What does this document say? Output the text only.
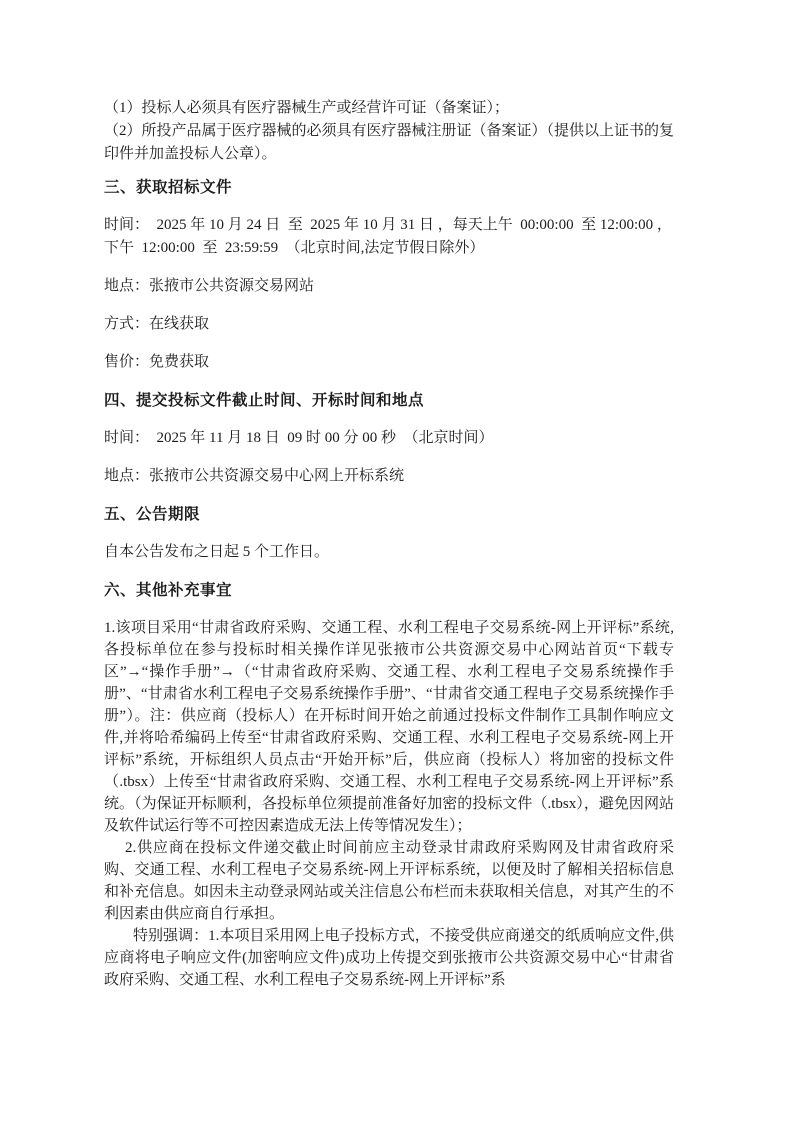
（1）投标人必须具有医疗器械生产或经营许可证（备案证）；

（2）所投产品属于医疗器械的必须具有医疗器械注册证（备案证）（提供以上证书的复印件并加盖投标人公章）。

三、获取招标文件

时间：  2025 年 10 月 24 日  至  2025 年 10 月 31 日 ，每天上午  00:00:00  至 12:00:00 ，下午  12:00:00  至  23:59:59  （北京时间,法定节假日除外）

地点：张掖市公共资源交易网站

方式：在线获取

售价：免费获取

四、提交投标文件截止时间、开标时间和地点

时间：  2025 年 11 月 18 日  09 时 00 分 00 秒  （北京时间）

地点：张掖市公共资源交易中心网上开标系统

五、公告期限

自本公告发布之日起 5 个工作日。

六、其他补充事宜

1.该项目采用“甘肃省政府采购、交通工程、水利工程电子交易系统-网上开评标”系统,各投标单位在参与投标时相关操作详见张掖市公共资源交易中心网站首页“下载专区”→“操作手册”→（“甘肃省政府采购、交通工程、水利工程电子交易系统操作手册”、“甘肃省水利工程电子交易系统操作手册”、“甘肃省交通工程电子交易系统操作手册”）。注：供应商（投标人）在开标时间开始之前通过投标文件制作工具制作响应文件,并将哈希编码上传至“甘肃省政府采购、交通工程、水利工程电子交易系统-网上开评标”系统，开标组织人员点击“开始开标”后，供应商（投标人）将加密的投标文件（.tbsx）上传至“甘肃省政府采购、交通工程、水利工程电子交易系统-网上开评标”系统。（为保证开标顺利，各投标单位须提前准备好加密的投标文件（.tbsx），避免因网站及软件试运行等不可控因素造成无法上传等情况发生）；

2.供应商在投标文件递交截止时间前应主动登录甘肃政府采购网及甘肃省政府采购、交通工程、水利工程电子交易系统-网上开评标系统，以便及时了解相关招标信息和补充信息。如因未主动登录网站或关注信息公布栏而未获取相关信息，对其产生的不利因素由供应商自行承担。

特别强调：1.本项目采用网上电子投标方式，不接受供应商递交的纸质响应文件,供应商将电子响应文件(加密响应文件)成功上传提交到张掖市公共资源交易中心“甘肃省政府采购、交通工程、水利工程电子交易系统-网上开评标”系
